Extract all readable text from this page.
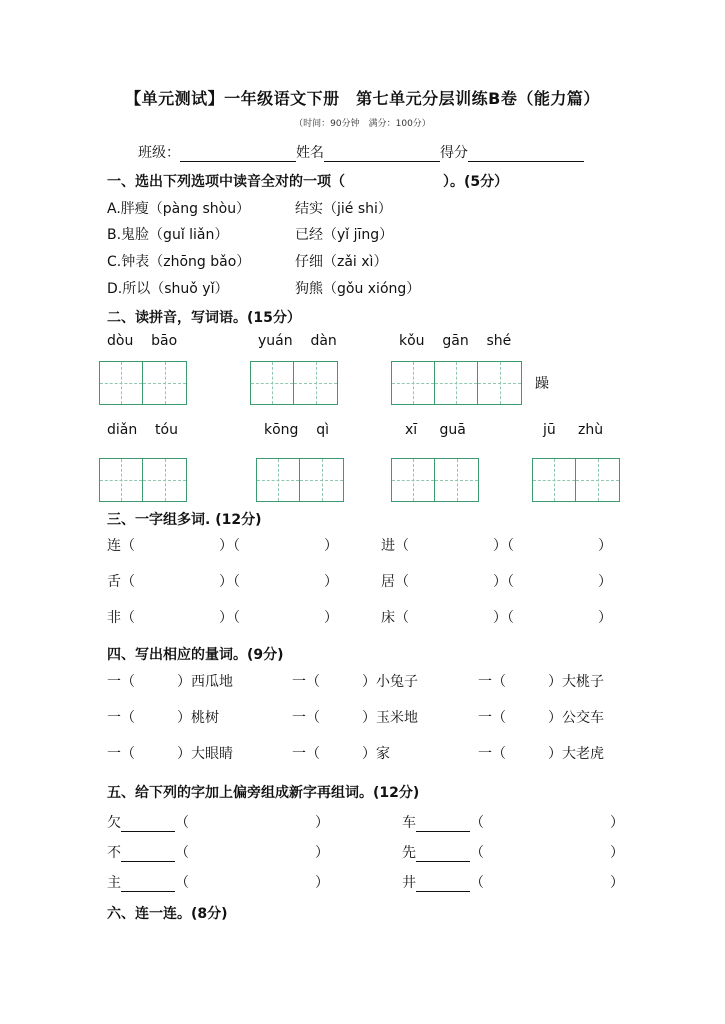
【单元测试】一年级语文下册　第七单元分层训练B卷（能力篇）
（时间：90分钟　满分：100分）
班级：	姓名	得分
一、选出下列选项中读音全对的一项（　　　　　　　）。(5分）
A.胖瘦（pàng shòu）	结实（jié shi）
B.鬼脸（guǐ liǎn）	已经（yǐ jīng）
C.钟表（zhōng bǎo）	仔细（zǎi xì）
D.所以（shuǒ yǐ）	狗熊（gǒu xióng）
二、读拼音，写词语。(15分）
dòu bāo	yuán dàn	kǒu gān shé
躁
diǎn tóu	kōng qì	xī guā	jū zhù
三、一字组多词. (12分)
连（　　　　　　）（　　　　　　）	进（　　　　　　）（　　　　　　）
舌（　　　　　　）（　　　　　　）	居（　　　　　　）（　　　　　　）
非（　　　　　　）（　　　　　　）	床（　　　　　　）（　　　　　　）
四、写出相应的量词。(9分)
一（　　　）西瓜地	一（　　　）小兔子	一（　　　）大桃子
一（　　　）桃树	一（　　　）玉米地	一（　　　）公交车
一（　　　）大眼睛	一（　　　）家	一（　　　）大老虎
五、给下列的字加上偏旁组成新字再组词。(12分)
欠	（　　　　　　　　　）	车	（　　　　　　　　　）
不	（　　　　　　　　　）	先	（　　　　　　　　　）
主	（　　　　　　　　　）	井	（　　　　　　　　　）
六、连一连。(8分)
